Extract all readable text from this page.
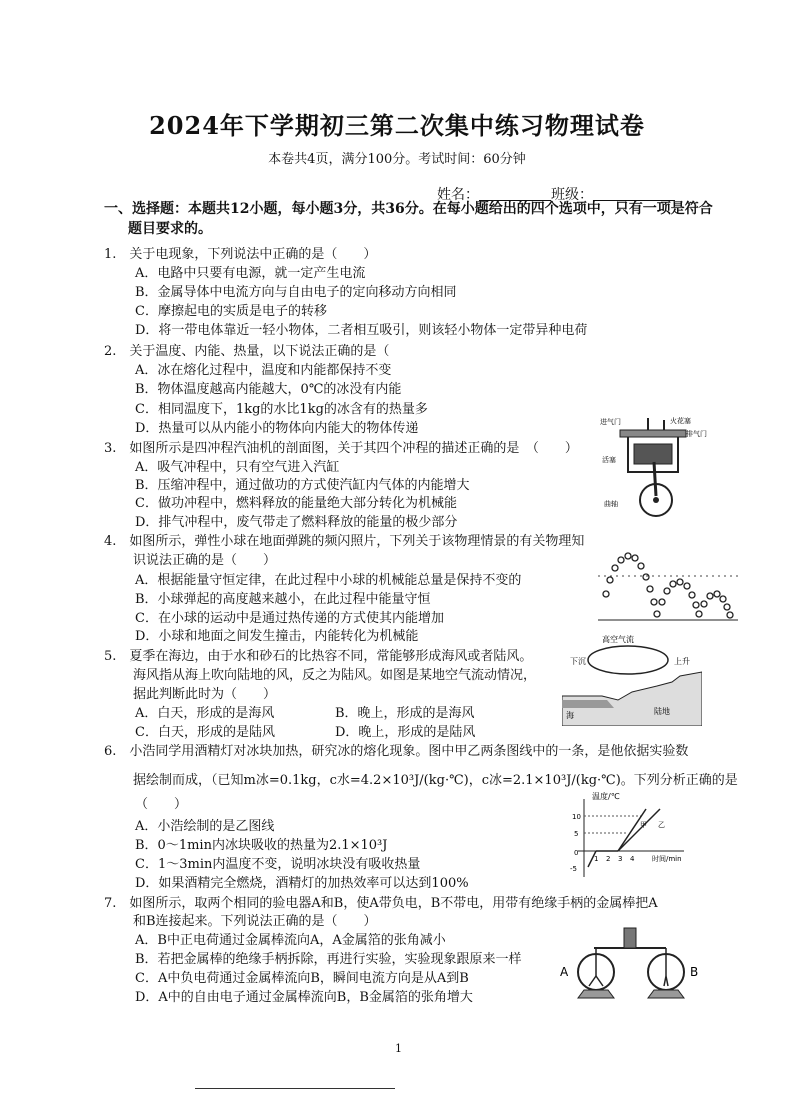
2024年下学期初三第二次集中练习物理试卷
本卷共4页，满分100分。考试时间：60分钟
姓名：	班级：
一、选择题：本题共12小题，每小题3分，共36分。在每小题给出的四个选项中，只有一项是符合
题目要求的。
1.　关于电现象，下列说法中正确的是（　　）
A．电路中只要有电源，就一定产生电流
B．金属导体中电流方向与自由电子的定向移动方向相同
C．摩擦起电的实质是电子的转移
D．将一带电体靠近一轻小物体，二者相互吸引，则该轻小物体一定带异种电荷
2.　关于温度、内能、热量，以下说法正确的是（
A．冰在熔化过程中，温度和内能都保持不变
B．物体温度越高内能越大，0℃的冰没有内能
C．相同温度下，1kg的水比1kg的冰含有的热量多
D．热量可以从内能小的物体向内能大的物体传递
3.　如图所示是四冲程汽油机的剖面图，关于其四个冲程的描述正确的是　（　　）
A．吸气冲程中，只有空气进入汽缸
B．压缩冲程中，通过做功的方式使汽缸内气体的内能增大
C．做功冲程中，燃料释放的能量绝大部分转化为机械能
D．排气冲程中，废气带走了燃料释放的能量的极少部分
4.　如图所示，弹性小球在地面弹跳的频闪照片，下列关于该物理情景的有关物理知
识说法正确的是（　　）
A．根据能量守恒定律，在此过程中小球的机械能总量是保持不变的
B．小球弹起的高度越来越小，在此过程中能量守恒
C．在小球的运动中是通过热传递的方式使其内能增加
D．小球和地面之间发生撞击，内能转化为机械能
5.　夏季在海边，由于水和砂石的比热容不同，常能够形成海风或者陆风。
海风指从海上吹向陆地的风，反之为陆风。如图是某地空气流动情况，
据此判断此时为（　　）
A．白天，形成的是海风	B．晚上，形成的是海风
C．白天，形成的是陆风	D．晚上，形成的是陆风
6.　小浩同学用酒精灯对冰块加热，研究冰的熔化现象。图中甲乙两条图线中的一条，是他依据实验数
据绘制而成，（已知m冰=0.1kg，c水=4.2×10³J/(kg·℃)，c冰=2.1×10³J/(kg·℃)。下列分析正确的是
（　　）
A．小浩绘制的是乙图线
B．0～1min内冰块吸收的热量为2.1×10³J
C．1～3min内温度不变，说明冰块没有吸收热量
D．如果酒精完全燃烧，酒精灯的加热效率可以达到100%
7.　如图所示，取两个相同的验电器A和B，使A带负电，B不带电，用带有绝缘手柄的金属棒把A
和B连接起来。下列说法正确的是（　　）
A．B中正电荷通过金属棒流向A，A金属箔的张角减小
B．若把金属棒的绝缘手柄拆除，再进行实验，实验现象跟原来一样
C．A中负电荷通过金属棒流向B，瞬间电流方向是从A到B
D．A中的自由电子通过金属棒流向B，B金属箔的张角增大
进气门	火花塞
排气门
活塞
曲轴
高空气流
下沉	上升
海	陆地
温度/℃
时间/min
10
5
0
-5
1 2 3 4
甲 乙
A	B
1
